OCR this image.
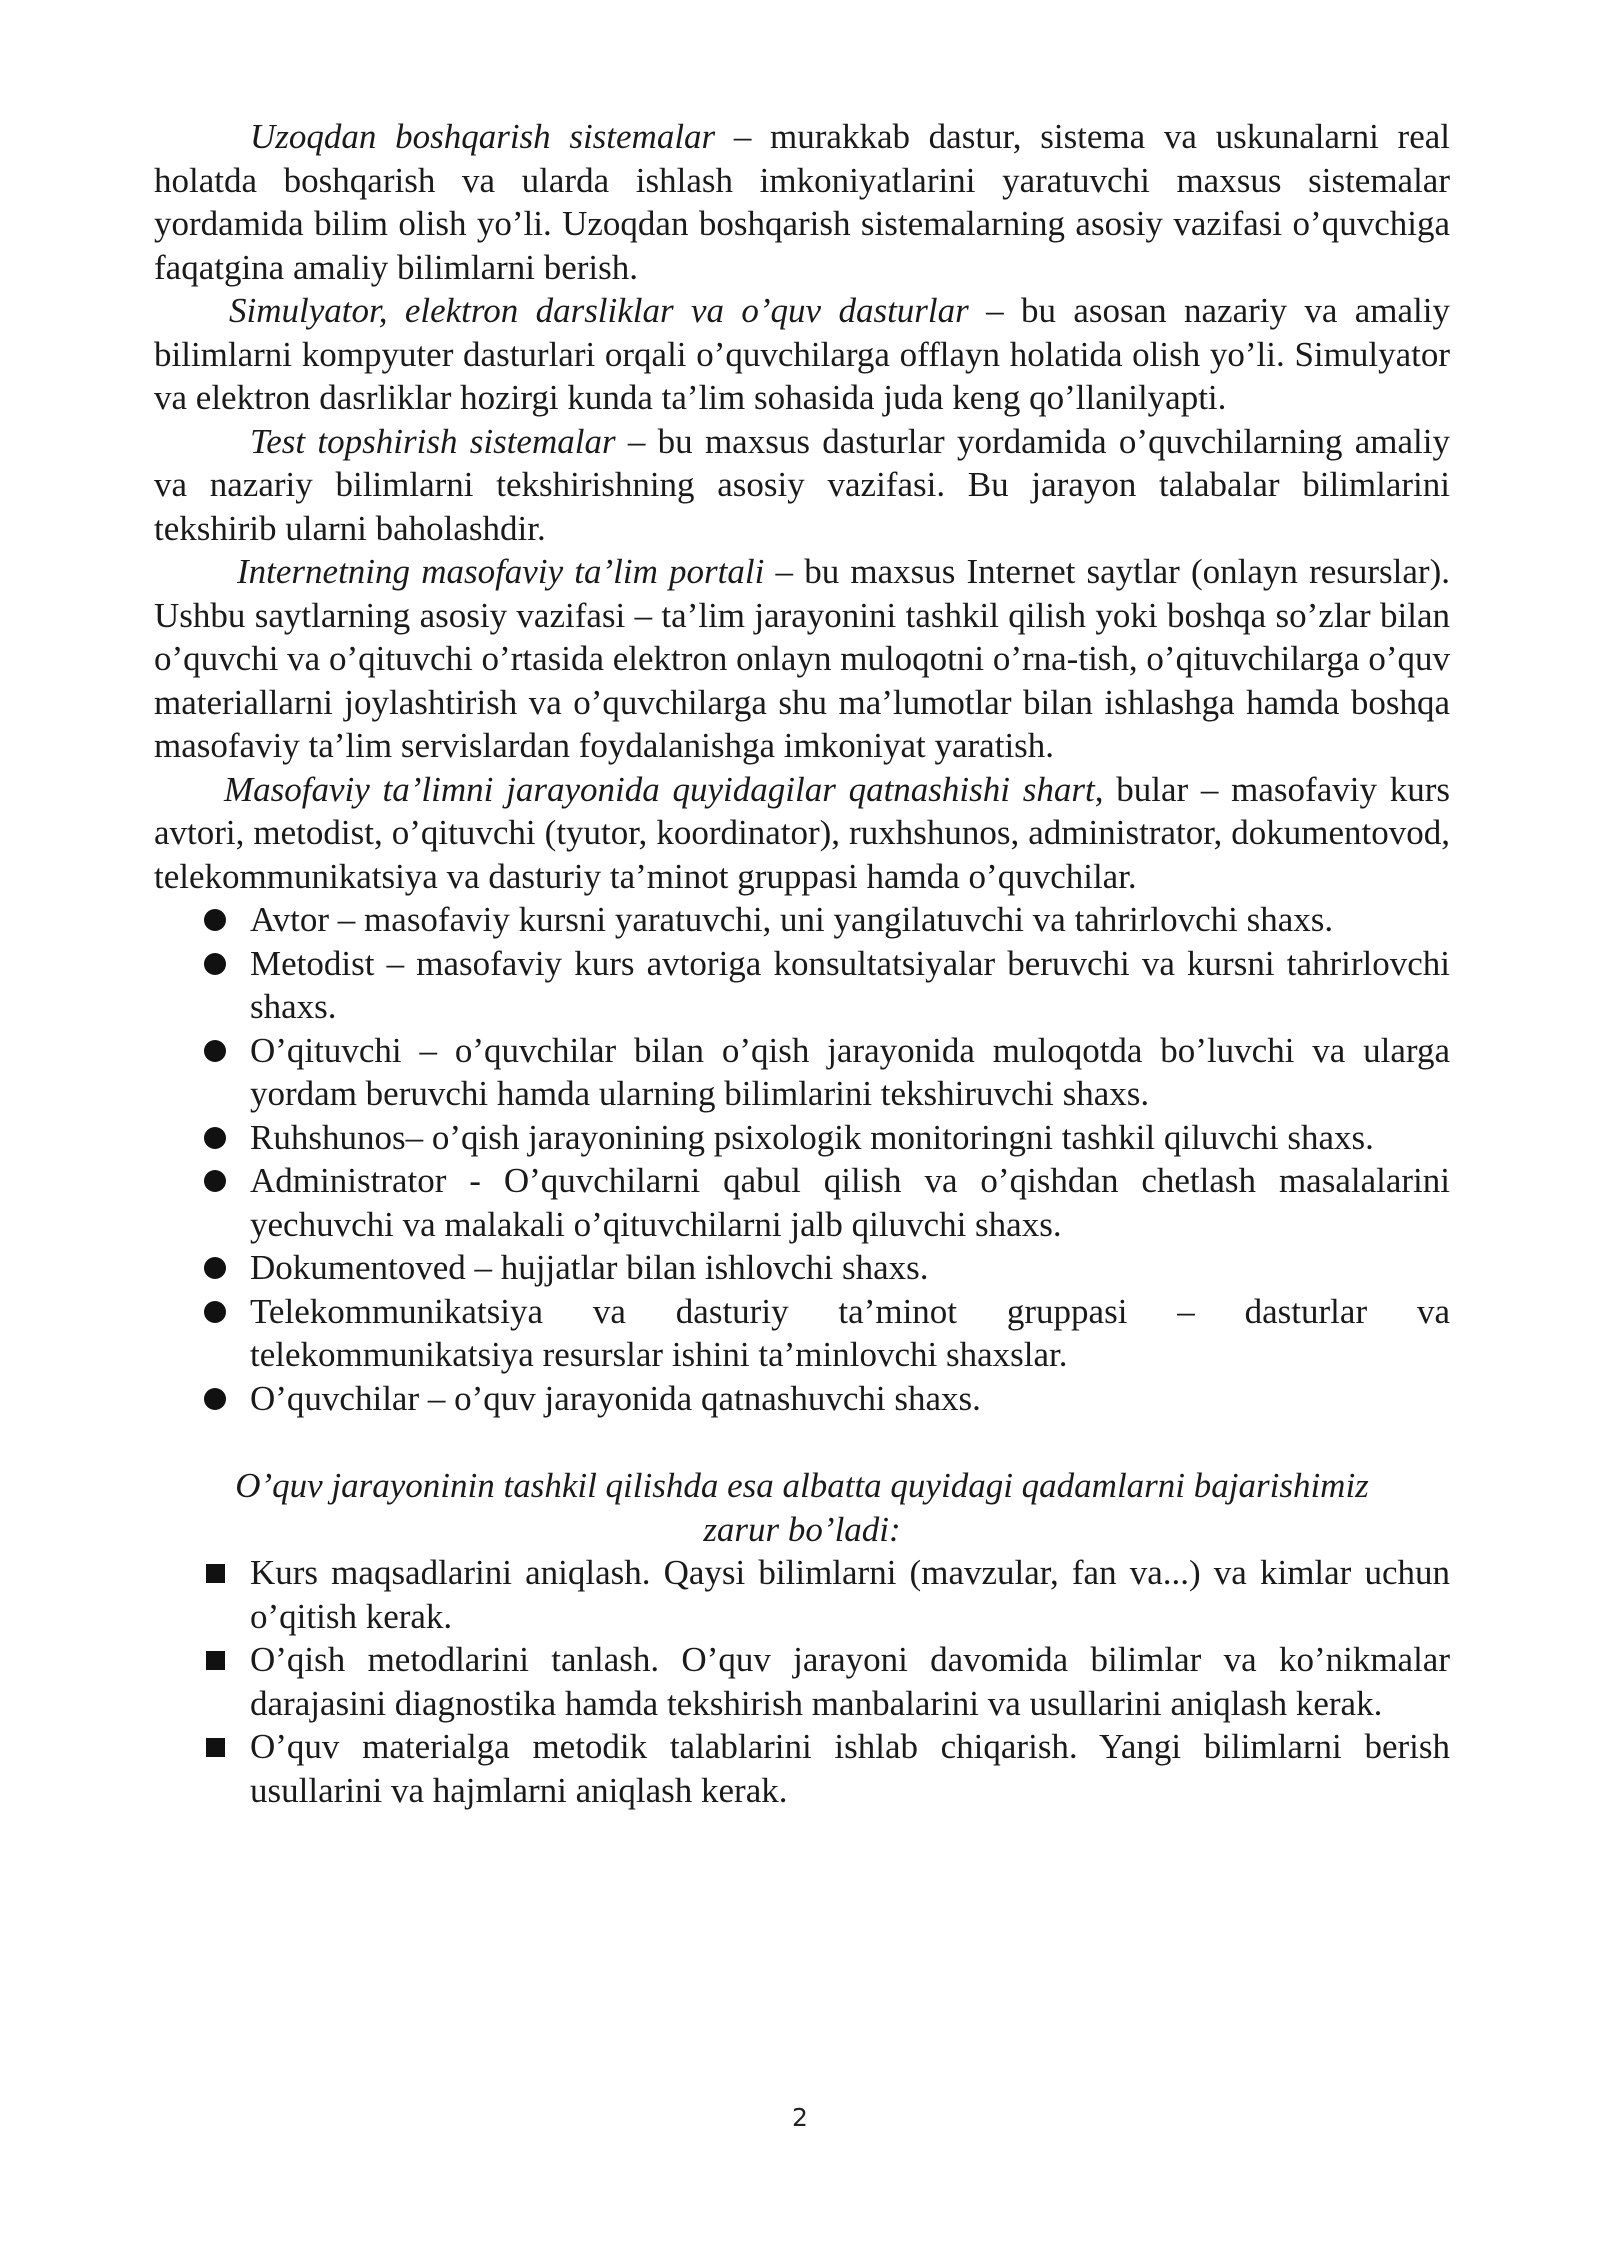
Uzoqdan boshqarish sistemalar – murakkab dastur, sistema va uskunalarni real holatda boshqarish va ularda ishlash imkoniyatlarini yaratuvchi maxsus sistemalar yordamida bilim olish yo’li. Uzoqdan boshqarish sistemalarning asosiy vazifasi o’quvchiga faqatgina amaliy bilimlarni berish.

Simulyator, elektron darsliklar va o’quv dasturlar – bu asosan nazariy va amaliy bilimlarni kompyuter dasturlari orqali o’quvchilarga offlayn holatida olish yo’li. Simulyator va elektron dasrliklar hozirgi kunda ta’lim sohasida juda keng qo’llanilyapti.

Test topshirish sistemalar – bu maxsus dasturlar yordamida o’quvchilarning amaliy va nazariy bilimlarni tekshirishning asosiy vazifasi. Bu jarayon talabalar bilimlarini tekshirib ularni baholashdir.

Internetning masofaviy ta’lim portali – bu maxsus Internet saytlar (onlayn resurslar). Ushbu saytlarning asosiy vazifasi – ta’lim jarayonini tashkil qilish yoki boshqa so’zlar bilan o’quvchi va o’qituvchi o’rtasida elektron onlayn muloqotni o’rna-tish, o’qituvchilarga o’quv materiallarni joylashtirish va o’quvchilarga shu ma’lumotlar bilan ishlashga hamda boshqa masofaviy ta’lim servislardan foydalanishga imkoniyat yaratish.

Masofaviy ta’limni jarayonida quyidagilar qatnashishi shart, bular – masofaviy kurs avtori, metodist, o’qituvchi (tyutor, koordinator), ruxhshunos, administrator, dokumentovod, telekommunikatsiya va dasturiy ta’minot gruppasi hamda o’quvchilar.

Avtor – masofaviy kursni yaratuvchi, uni yangilatuvchi va tahrirlovchi shaxs.
Metodist – masofaviy kurs avtoriga konsultatsiyalar beruvchi va kursni tahrirlovchi shaxs.
O’qituvchi – o’quvchilar bilan o’qish jarayonida muloqotda bo’luvchi va ularga yordam beruvchi hamda ularning bilimlarini tekshiruvchi shaxs.
Ruhshunos– o’qish jarayonining psixologik monitoringni tashkil qiluvchi shaxs.
Administrator - O’quvchilarni qabul qilish va o’qishdan chetlash masalalarini yechuvchi va malakali o’qituvchilarni jalb qiluvchi shaxs.
Dokumentoved – hujjatlar bilan ishlovchi shaxs.
Telekommunikatsiya va dasturiy ta’minot gruppasi – dasturlar va telekommunikatsiya resurslar ishini ta’minlovchi shaxslar.
O’quvchilar – o’quv jarayonida qatnashuvchi shaxs.

O’quv jarayoninin tashkil qilishda esa albatta quyidagi qadamlarni bajarishimiz
zarur bo’ladi:

Kurs maqsadlarini aniqlash. Qaysi bilimlarni (mavzular, fan va...) va kimlar uchun o’qitish kerak.
O’qish metodlarini tanlash. O’quv jarayoni davomida bilimlar va ko’nikmalar darajasini diagnostika hamda tekshirish manbalarini va usullarini aniqlash kerak.
O’quv materialga metodik talablarini ishlab chiqarish. Yangi bilimlarni berish usullarini va hajmlarni aniqlash kerak.
2
